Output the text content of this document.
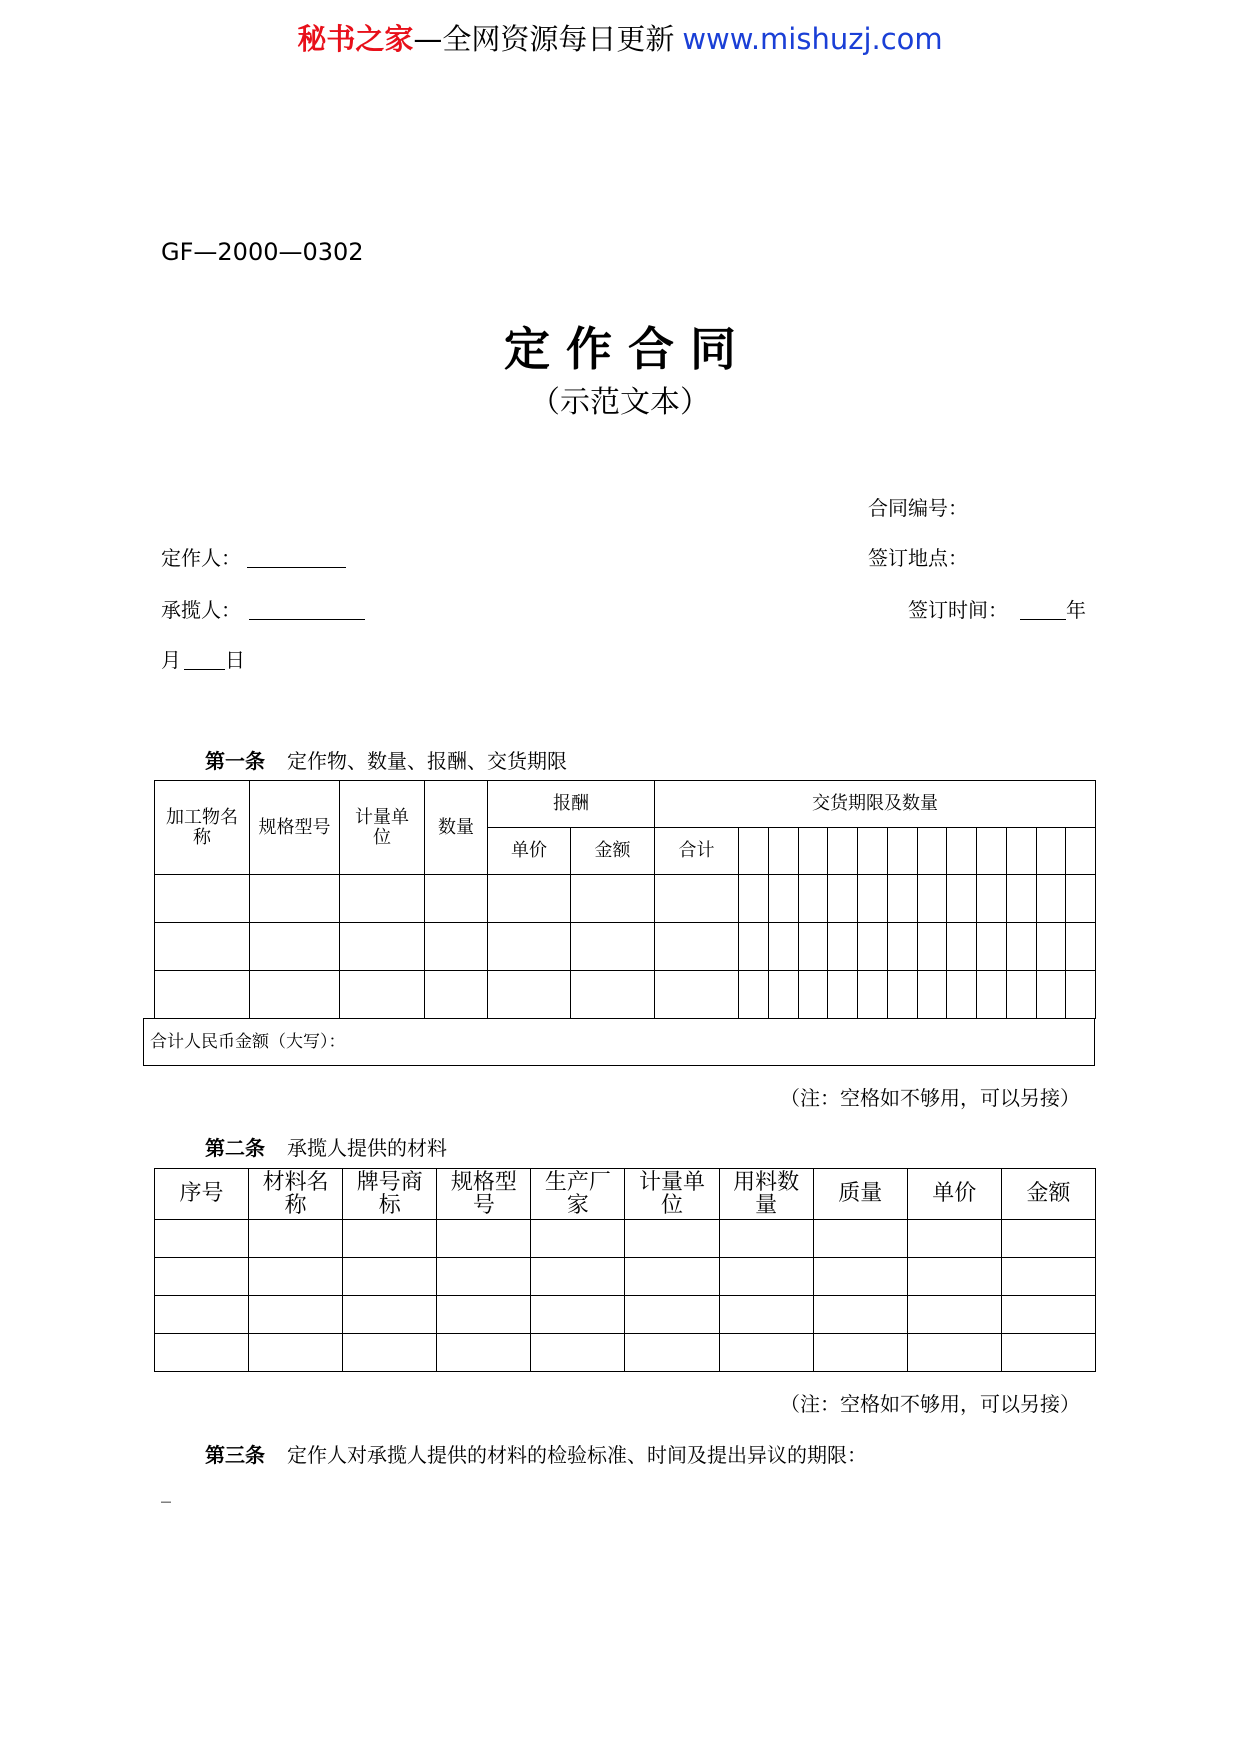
秘书之家—全网资源每日更新 www.mishuzj.com
GF—2000—0302
定 作 合 同
（示范文本）
合同编号：
定作人：	签订地点：
承揽人：	签订时间：	年
月 日
第一条 定作物、数量、报酬、交货期限
加工物名称	规格型号	计量单位	数量	报酬		交货期限及数量												
				单价	金额	合计												

合计人民币金额（大写）：
（注：空格如不够用，可以另接）
第二条 承揽人提供的材料
序号	材料名称	牌号商标	规格型号	生产厂家	计量单位	用料数量	质量	单价	金额

（注：空格如不够用，可以另接）
第三条 定作人对承揽人提供的材料的检验标准、时间及提出异议的期限：
_
